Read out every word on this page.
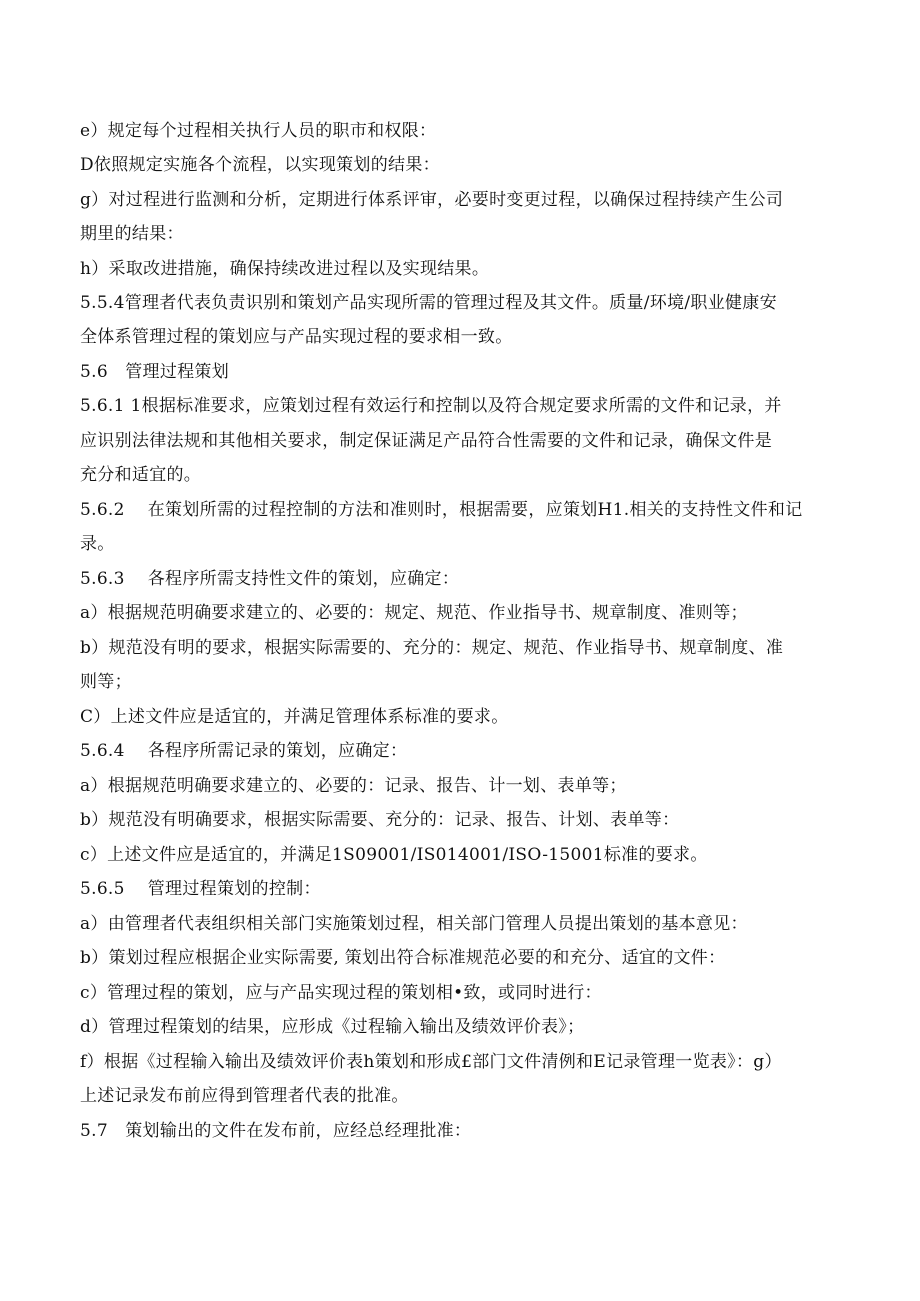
e）规定每个过程相关执行人员的职市和权限：
D依照规定实施各个流程，以实现策划的结果：
g）对过程进行监测和分析，定期进行体系评审，必要时变更过程，以确保过程持续产生公司
期里的结果：
h）采取改进措施，确保持续改进过程以及实现结果。
5.5.4管理者代表负责识别和策划产品实现所需的管理过程及其文件。质量/环境/职业健康安
全体系管理过程的策划应与产品实现过程的要求相一致。
5.6　管理过程策划
5.6.1 1根据标准要求，应策划过程有效运行和控制以及符合规定要求所需的文件和记录，并
应识别法律法规和其他相关要求，制定保证满足产品符合性需要的文件和记录，确保文件是
充分和适宜的。
5.6.2　 在策划所需的过程控制的方法和准则时，根据需要，应策划H1.相关的支持性文件和记
录。
5.6.3　 各程序所需支持性文件的策划，应确定：
a）根据规范明确要求建立的、必要的：规定、规范、作业指导书、规章制度、准则等；
b）规范没有明的要求，根据实际需要的、充分的：规定、规范、作业指导书、规章制度、准
则等；
C）上述文件应是适宜的，并满足管理体系标准的要求。
5.6.4　 各程序所需记录的策划，应确定：
a）根据规范明确要求建立的、必要的：记录、报告、计一划、表单等；
b）规范没有明确要求，根据实际需要、充分的：记录、报告、计划、表单等：
c）上述文件应是适宜的，并满足1S09001/IS014001/ISO-15001标准的要求。
5.6.5　 管理过程策划的控制：
a）由管理者代表组织相关部门实施策划过程，相关部门管理人员提出策划的基本意见：
b）策划过程应根据企业实际需要, 策划出符合标准规范必要的和充分、适宜的文件：
c）管理过程的策划，应与产品实现过程的策划相•致，或同时进行：
d）管理过程策划的结果，应形成《过程输入输出及绩效评价表》；
f）根据《过程输入输出及绩效评价表h策划和形成£部门文件清例和E记录管理一览表》：g）
上述记录发布前应得到管理者代表的批准。
5.7　策划输出的文件在发布前，应经总经理批准：
